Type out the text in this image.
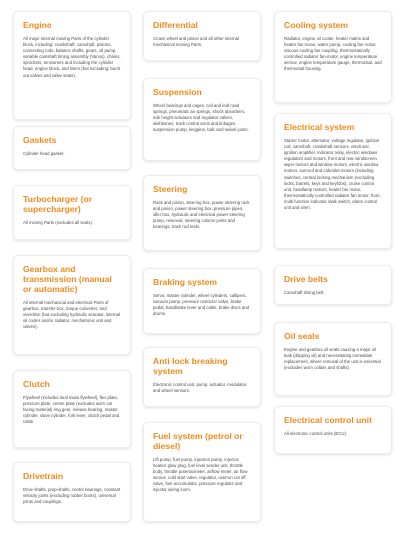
Engine

All major internal moving Parts of the cylinder block, including: crankshaft, camshaft, pistons, connecting rods, balance shafts, gears, oil pump, variable camshaft timing assembly (Vanos), chains, sprockets, tensioners and including the cylinder head, engine block, and liners (but excluding: burnt out valves and valve seats).

Gaskets

Cylinder head gasket.

Turbocharger (or supercharger)

All moving Parts (excludes all seals).

Gearbox and transmission (manual or automatic)

All internal mechanical and electrical Parts of gearbox, transfer box, torque converter, and overdrive (but excluding hydraulic actuator, internal oil cooler and/or radiator, mechatronic unit and valves).

Clutch

Flywheel (includes dual mass flywheel), flex plate, pressure plate, centre plate (excludes worn out facing material) ring gear, release bearing, master cylinder, slave cylinder, fork lever, clutch pedal and cable.

Drivetrain

Drive shafts, prop-shafts, centre bearings, constant velocity joints (excluding rubber boots), universal joints and couplings.

Differential

Crown wheel and pinion and all other internal mechanical moving Parts.

Suspension

Wheel bearings and cages, coil and leaf road springs, pneumatic air springs, shock absorbers, ride height actuators and regulator valves, wishbones, track control arms and linkages, suspension pump, kingpins, ball, and swivel joints.

Steering

Rack and pinion, steering box, power steering rack and pinion, power steering box, pressure pipes, idler box, hydraulic and electrical power steering pump, reservoir, steering column joints and bearings, track rod ends.

Braking system

Servo, master cylinder, wheel cylinders, callipers, vacuum pump, pressure restrictor valve, brake pedal, handbrake lever and cable, brake discs and drums.

Anti lock breaking system

Electronic control unit, pump, actuator, modulator and wheel sensors.

Fuel system (petrol or diesel)

Lift pump, fuel pump, injection pump, injector, heater/ glow plug, fuel level sender unit, throttle body, throttle potentiometer, airflow meter, air flow sensor, cold start valve, regulator, overrun cut off valve, fuel accumulator, pressure regulator and injector wiring loom.

Cooling system

Radiator, engine oil cooler, heater matrix and heater fan motor, water pump, cooling fan motor, viscous cooling fan coupling, thermostatically controlled radiator fan-motor, engine temperature sensor, engine temperature gauge, thermostat, and thermostat housing.

Electrical system

Starter motor, alternator, voltage regulator, ignition coil, camshaft, crankshaft sensors, electronic ignition amplifier, indicator relay, electric windows regulators and motors, front and rear windscreen wiper motors and window motors, electric window motors, sunroof and cabriolet motors (including switches, central locking mechanism (excluding locks, barrels, keys and keyfobs), cruise control unit, headlamp motors, heater fan motor, thermostatically controlled radiator fan motor, horn, multi function indicator stalk switch, alarm control unit and siren.

Drive belts

Camshaft timing belt.

Oil seals

Engine and gearbox oil seals causing a major oil leak (dripping oil) and necessitating immediate replacement, where removal of the unit is essential (excludes worn collars and shafts).

Electrical control unit

All electronic control units (ECU).
